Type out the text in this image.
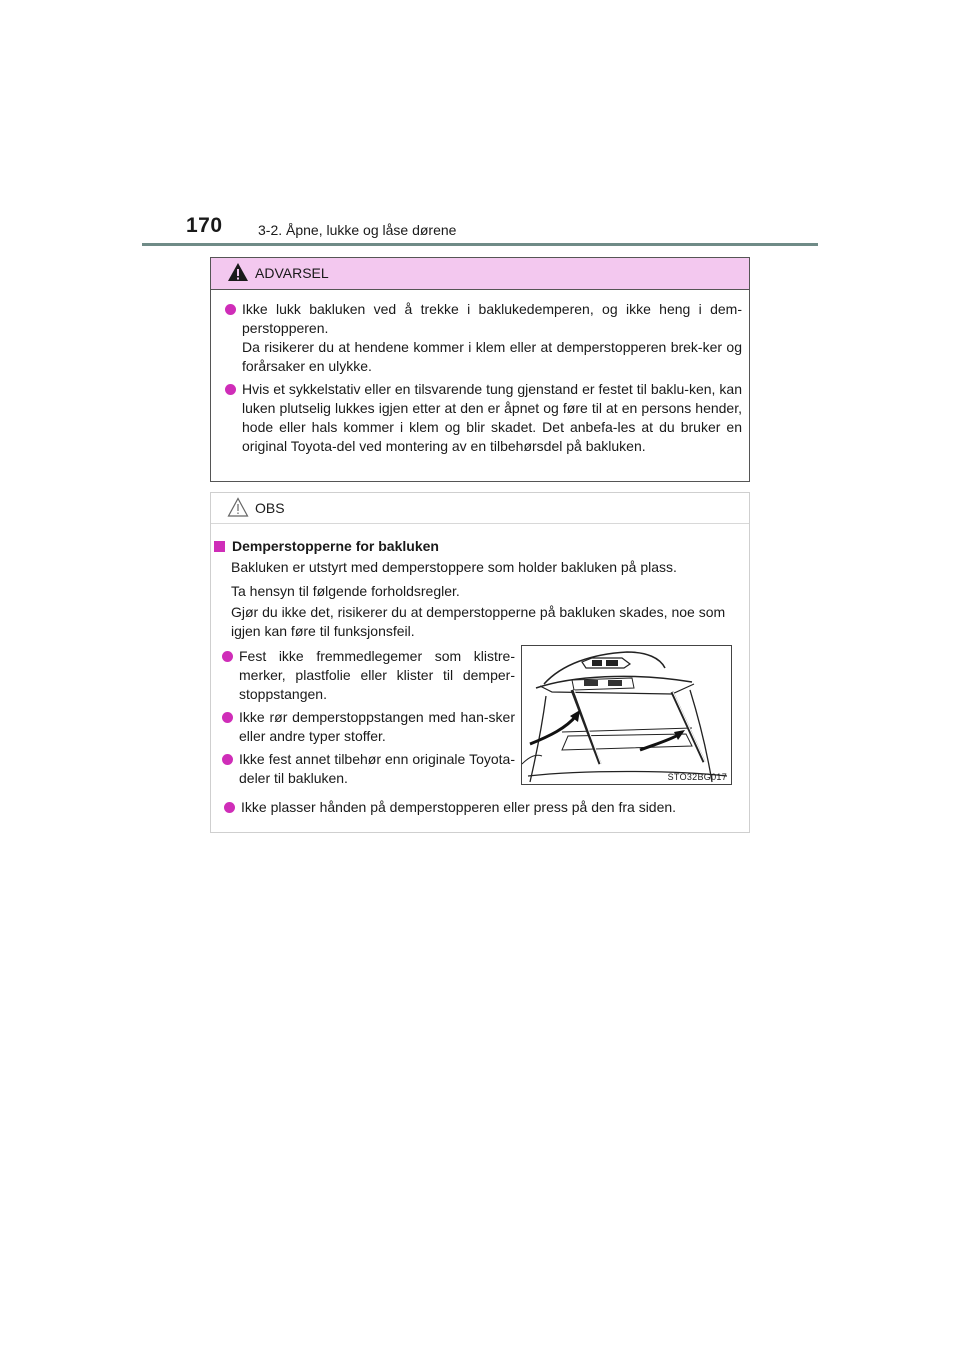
170	3-2. Åpne, lukke og låse dørene
ADVARSEL
Ikke lukk bakluken ved å trekke i baklukedemperen, og ikke heng i dem-perstopperen.
Da risikerer du at hendene kommer i klem eller at demperstopperen brek-ker og forårsaker en ulykke.
Hvis et sykkelstativ eller en tilsvarende tung gjenstand er festet til baklu-ken, kan luken plutselig lukkes igjen etter at den er åpnet og føre til at en persons hender, hode eller hals kommer i klem og blir skadet. Det anbefa-les at du bruker en original Toyota-del ved montering av en tilbehørsdel på bakluken.
OBS
Demperstopperne for bakluken
Bakluken er utstyrt med demperstoppere som holder bakluken på plass.
Ta hensyn til følgende forholdsregler.
Gjør du ikke det, risikerer du at demperstopperne på bakluken skades, noe som igjen kan føre til funksjonsfeil.
Fest ikke fremmedlegemer som klistre-merker, plastfolie eller klister til demper-stoppstangen.
Ikke rør demperstoppstangen med han-sker eller andre typer stoffer.
Ikke fest annet tilbehør enn originale Toyota-deler til bakluken.	STO32BG017
Ikke plasser hånden på demperstopperen eller press på den fra siden.
